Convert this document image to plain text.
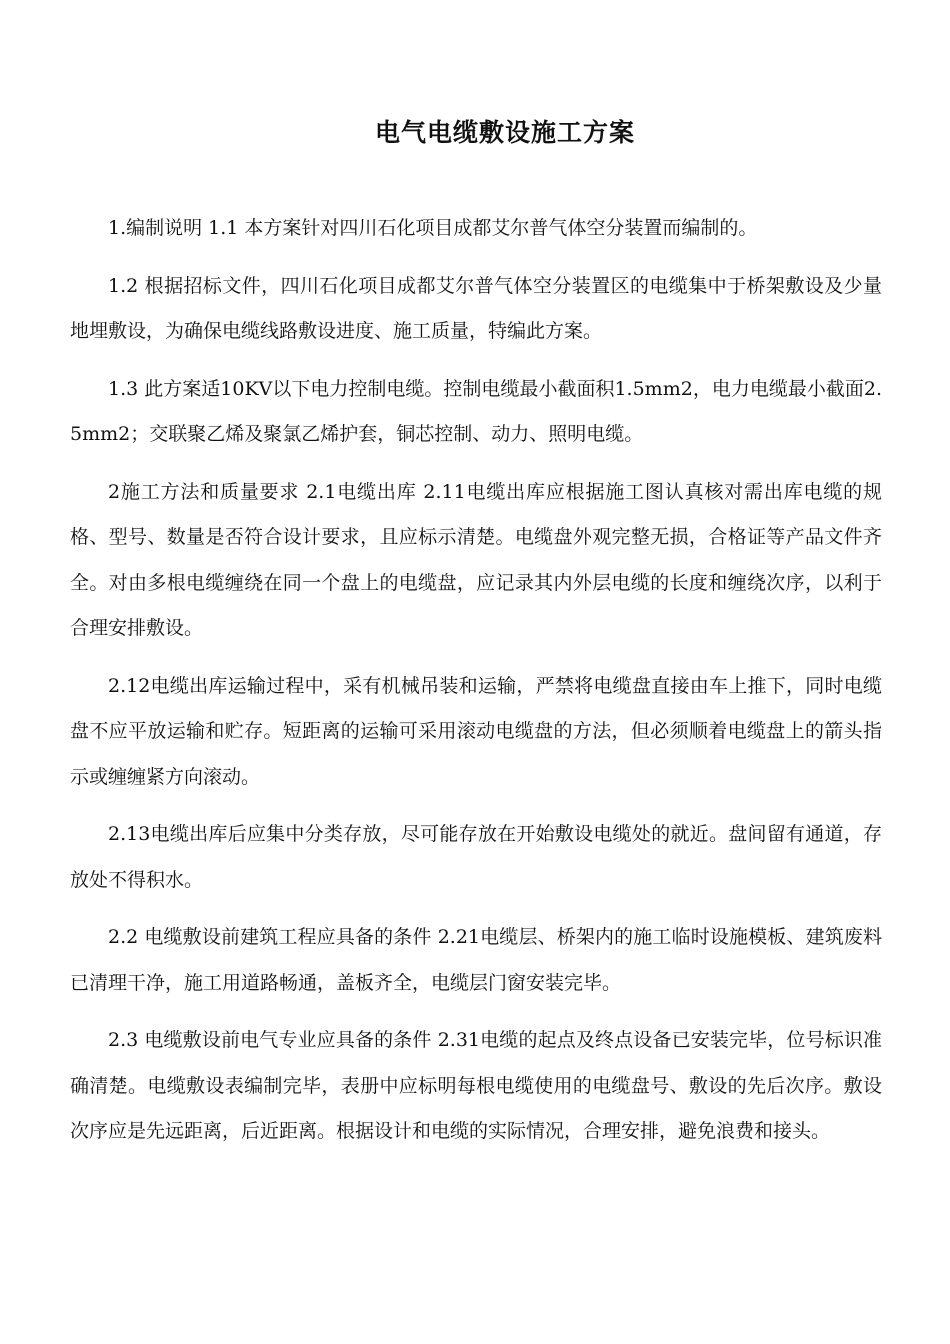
电气电缆敷设施工方案

1.编制说明 1.1 本方案针对四川石化项目成都艾尔普气体空分装置而编制的。

1.2 根据招标文件，四川石化项目成都艾尔普气体空分装置区的电缆集中于桥架敷设及少量地埋敷设，为确保电缆线路敷设进度、施工质量，特编此方案。

1.3 此方案适10KV以下电力控制电缆。控制电缆最小截面积1.5mm2，电力电缆最小截面2.5mm2；交联聚乙烯及聚氯乙烯护套，铜芯控制、动力、照明电缆。

2施工方法和质量要求 2.1电缆出库 2.11电缆出库应根据施工图认真核对需出库电缆的规格、型号、数量是否符合设计要求，且应标示清楚。电缆盘外观完整无损，合格证等产品文件齐全。对由多根电缆缠绕在同一个盘上的电缆盘，应记录其内外层电缆的长度和缠绕次序，以利于合理安排敷设。

2.12电缆出库运输过程中，采有机械吊装和运输，严禁将电缆盘直接由车上推下，同时电缆盘不应平放运输和贮存。短距离的运输可采用滚动电缆盘的方法，但必须顺着电缆盘上的箭头指示或缠缠紧方向滚动。

2.13电缆出库后应集中分类存放，尽可能存放在开始敷设电缆处的就近。盘间留有通道，存放处不得积水。

2.2 电缆敷设前建筑工程应具备的条件 2.21电缆层、桥架内的施工临时设施模板、建筑废料已清理干净，施工用道路畅通，盖板齐全，电缆层门窗安装完毕。

2.3 电缆敷设前电气专业应具备的条件 2.31电缆的起点及终点设备已安装完毕，位号标识准确清楚。电缆敷设表编制完毕，表册中应标明每根电缆使用的电缆盘号、敷设的先后次序。敷设次序应是先远距离，后近距离。根据设计和电缆的实际情况，合理安排，避免浪费和接头。
